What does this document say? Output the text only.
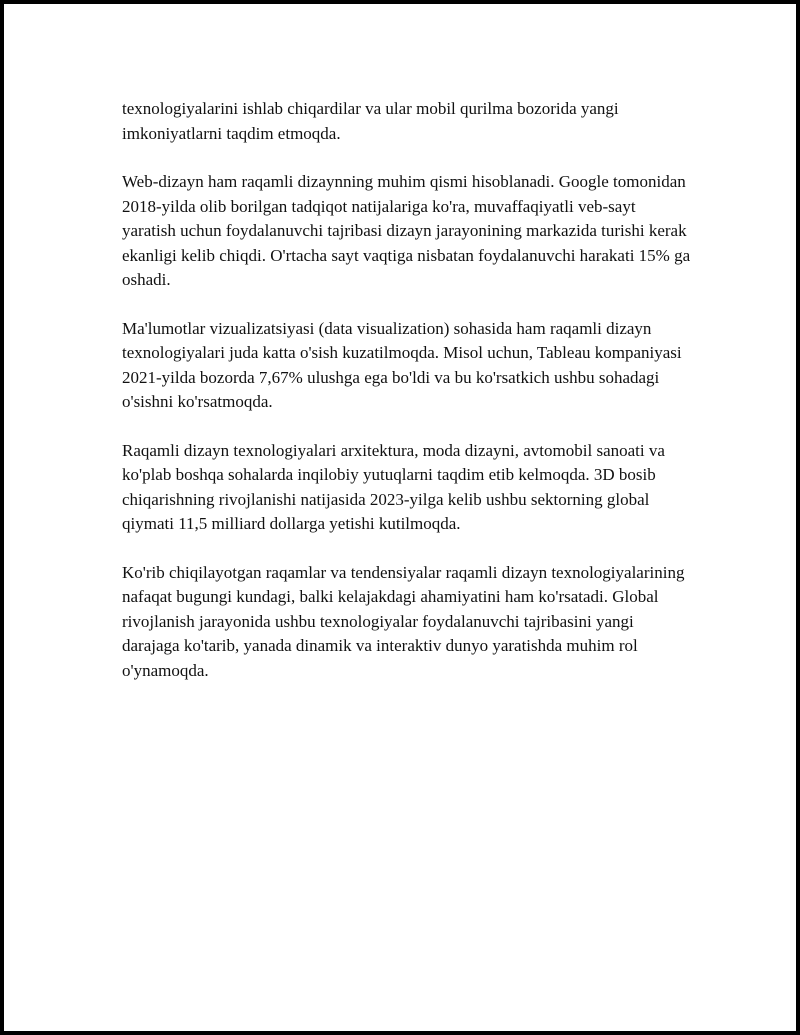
texnologiyalarini ishlab chiqardilar va ular mobil qurilma bozorida yangi imkoniyatlarni taqdim etmoqda.

Web-dizayn ham raqamli dizaynning muhim qismi hisoblanadi. Google tomonidan 2018-yilda olib borilgan tadqiqot natijalariga ko'ra, muvaffaqiyatli veb-sayt yaratish uchun foydalanuvchi tajribasi dizayn jarayonining markazida turishi kerak ekanligi kelib chiqdi. O'rtacha sayt vaqtiga nisbatan foydalanuvchi harakati 15% ga oshadi.

Ma'lumotlar vizualizatsiyasi (data visualization) sohasida ham raqamli dizayn texnologiyalari juda katta o'sish kuzatilmoqda. Misol uchun, Tableau kompaniyasi 2021-yilda bozorda 7,67% ulushga ega bo'ldi va bu ko'rsatkich ushbu sohadagi o'sishni ko'rsatmoqda.

Raqamli dizayn texnologiyalari arxitektura, moda dizayni, avtomobil sanoati va ko'plab boshqa sohalarda inqilobiy yutuqlarni taqdim etib kelmoqda. 3D bosib chiqarishning rivojlanishi natijasida 2023-yilga kelib ushbu sektorning global qiymati 11,5 milliard dollarga yetishi kutilmoqda.

Ko'rib chiqilayotgan raqamlar va tendensiyalar raqamli dizayn texnologiyalarining nafaqat bugungi kundagi, balki kelajakdagi ahamiyatini ham ko'rsatadi. Global rivojlanish jarayonida ushbu texnologiyalar foydalanuvchi tajribasini yangi darajaga ko'tarib, yanada dinamik va interaktiv dunyo yaratishda muhim rol o'ynamoqda.
